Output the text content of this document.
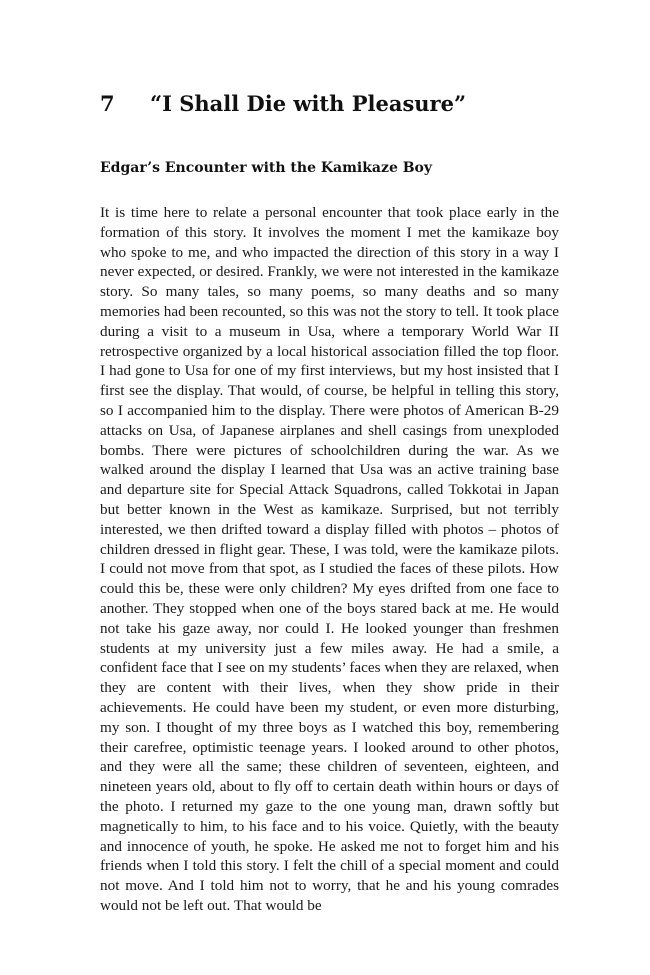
7	“I Shall Die with Pleasure”
Edgar’s Encounter with the Kamikaze Boy

It is time here to relate a personal encounter that took place early in the formation of this story. It involves the moment I met the kamikaze boy who spoke to me, and who impacted the direction of this story in a way I never expected, or desired. Frankly, we were not interested in the kamikaze story. So many tales, so many poems, so many deaths and so many memories had been recounted, so this was not the story to tell. It took place during a visit to a museum in Usa, where a temporary World War II retrospective organized by a local historical association filled the top floor. I had gone to Usa for one of my first interviews, but my host insisted that I first see the display. That would, of course, be helpful in telling this story, so I accompanied him to the display. There were photos of American B-29 attacks on Usa, of Japanese airplanes and shell casings from unexploded bombs. There were pictures of schoolchildren during the war. As we walked around the display I learned that Usa was an active training base and departure site for Special Attack Squadrons, called Tokkotai in Japan but better known in the West as kamikaze. Surprised, but not terribly interested, we then drifted toward a display filled with photos – photos of children dressed in flight gear. These, I was told, were the kamikaze pilots. I could not move from that spot, as I studied the faces of these pilots. How could this be, these were only children? My eyes drifted from one face to another. They stopped when one of the boys stared back at me. He would not take his gaze away, nor could I. He looked younger than freshmen students at my university just a few miles away. He had a smile, a confident face that I see on my students’ faces when they are relaxed, when they are content with their lives, when they show pride in their achievements. He could have been my student, or even more disturbing, my son. I thought of my three boys as I watched this boy, remembering their carefree, optimistic teenage years. I looked around to other photos, and they were all the same; these children of seventeen, eighteen, and nineteen years old, about to fly off to certain death within hours or days of the photo. I returned my gaze to the one young man, drawn softly but magnetically to him, to his face and to his voice. Quietly, with the beauty and innocence of youth, he spoke. He asked me not to forget him and his friends when I told this story. I felt the chill of a special moment and could not move. And I told him not to worry, that he and his young comrades would not be left out. That would be
